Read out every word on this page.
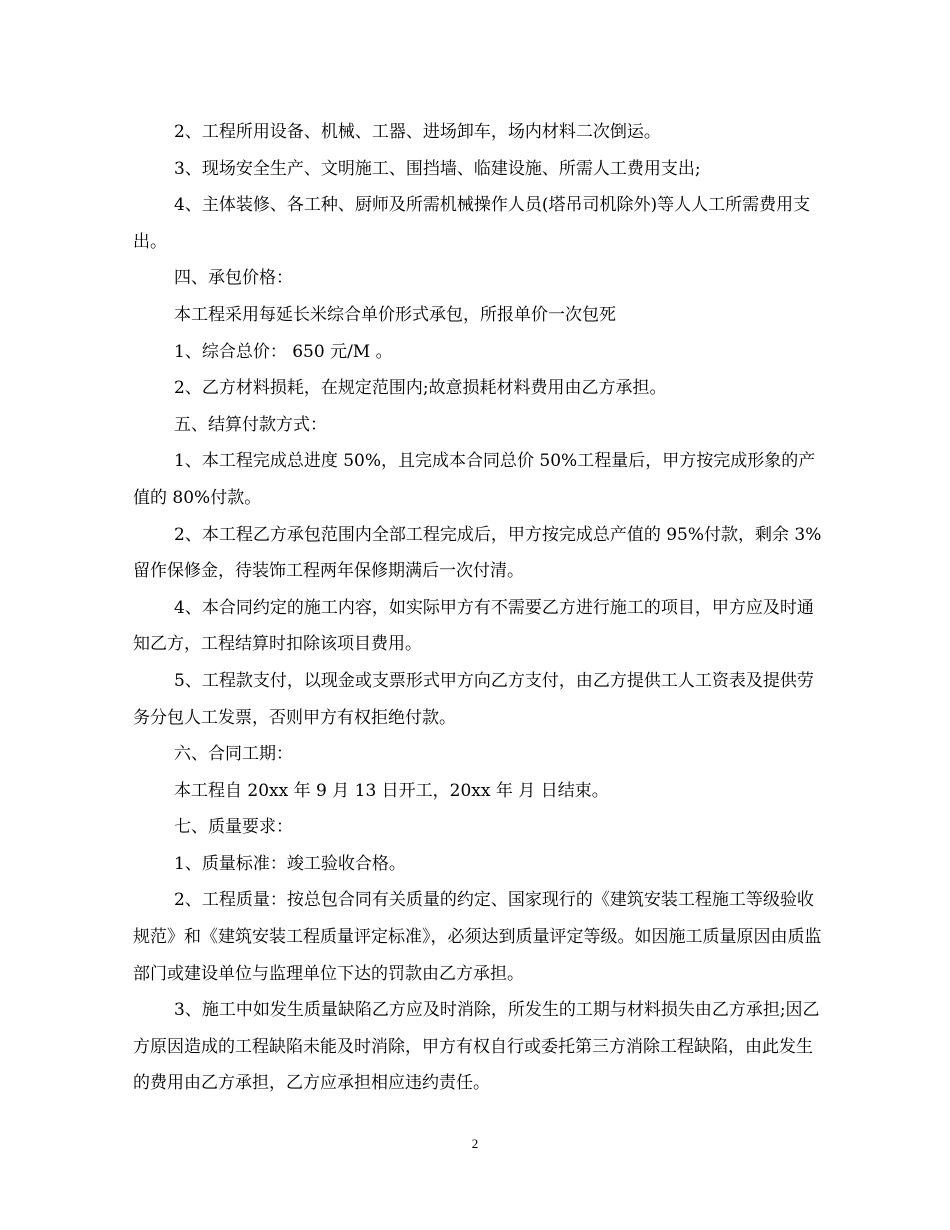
2、工程所用设备、机械、工器、进场卸车，场内材料二次倒运。

3、现场安全生产、文明施工、围挡墙、临建设施、所需人工费用支出;

4、主体装修、各工种、厨师及所需机械操作人员(塔吊司机除外)等人人工所需费用支出。

四、承包价格：

本工程采用每延长米综合单价形式承包，所报单价一次包死

1、综合总价： 650 元/M 。

2、乙方材料损耗，在规定范围内;故意损耗材料费用由乙方承担。

五、结算付款方式：

1、本工程完成总进度 50%，且完成本合同总价 50%工程量后，甲方按完成形象的产值的 80%付款。

2、本工程乙方承包范围内全部工程完成后，甲方按完成总产值的 95%付款，剩余 3%留作保修金，待装饰工程两年保修期满后一次付清。

4、本合同约定的施工内容，如实际甲方有不需要乙方进行施工的项目，甲方应及时通知乙方，工程结算时扣除该项目费用。

5、工程款支付，以现金或支票形式甲方向乙方支付，由乙方提供工人工资表及提供劳务分包人工发票，否则甲方有权拒绝付款。

六、合同工期：

本工程自 20xx 年 9 月 13 日开工，20xx 年 月 日结束。

七、质量要求：

1、质量标准：竣工验收合格。

2、工程质量：按总包合同有关质量的约定、国家现行的《建筑安装工程施工等级验收规范》和《建筑安装工程质量评定标准》，必须达到质量评定等级。如因施工质量原因由质监部门或建设单位与监理单位下达的罚款由乙方承担。

3、施工中如发生质量缺陷乙方应及时消除，所发生的工期与材料损失由乙方承担;因乙方原因造成的工程缺陷未能及时消除，甲方有权自行或委托第三方消除工程缺陷，由此发生的费用由乙方承担，乙方应承担相应违约责任。

2
